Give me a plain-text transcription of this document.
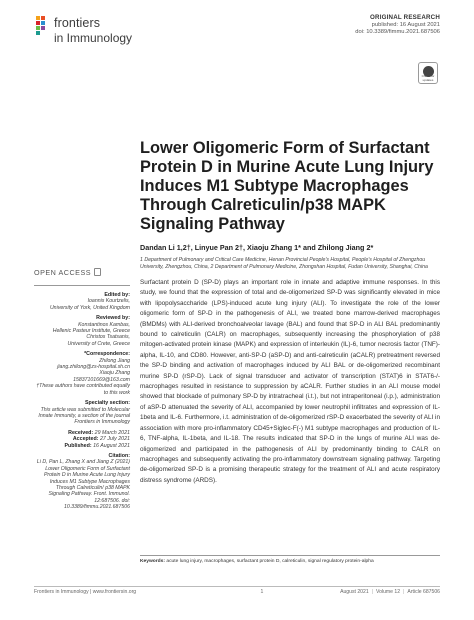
frontiers
in Immunology
ORIGINAL RESEARCH
published: 16 August 2021
doi: 10.3389/fimmu.2021.687506
Check for updates
Lower Oligomeric Form of Surfactant Protein D in Murine Acute Lung Injury Induces M1 Subtype Macrophages Through Calreticulin/p38 MAPK Signaling Pathway
Dandan Li 1,2†, Linyue Pan 2†, Xiaoju Zhang 1* and Zhilong Jiang 2*
1 Department of Pulmonary and Critical Care Medicine, Henan Provincial People's Hospital, People's Hospital of Zhengzhou University, Zhengzhou, China, 2 Department of Pulmonary Medicine, Zhongshan Hospital, Fudan University, Shanghai, China
OPEN ACCESS
Edited by:
Ioannis Kourtzelis,
University of York, United Kingdom
Reviewed by:
Konstantinos Kambas,
Hellenic Pasteur Institute, Greece
Christos Tsatsanis,
University of Crete, Greece
*Correspondence:
Zhilong Jiang
jiang.zhilong@zs-hospital.sh.cn
Xiaoju Zhang
15837101669@163.com
†These authors have contributed equally to this work
Specialty section:
This article was submitted to Molecular Innate Immunity, a section of the journal Frontiers in Immunology
Received: 29 March 2021
Accepted: 27 July 2021
Published: 16 August 2021
Citation:
Li D, Pan L, Zhang X and Jiang Z (2021) Lower Oligomeric Form of Surfactant Protein D in Murine Acute Lung Injury Induces M1 Subtype Macrophages Through Calreticulin/ p38 MAPK Signaling Pathway. Front. Immunol. 12:687506. doi: 10.3389/fimmu.2021.687506
Surfactant protein D (SP-D) plays an important role in innate and adaptive immune responses. In this study, we found that the expression of total and de-oligomerized SP-D was significantly elevated in mice with lipopolysaccharide (LPS)-induced acute lung injury (ALI). To investigate the role of the lower oligomeric form of SP-D in the pathogenesis of ALI, we treated bone marrow-derived macrophages (BMDMs) with ALI-derived bronchoalveolar lavage (BAL) and found that SP-D in ALI BAL predominantly bound to calreticulin (CALR) on macrophages, subsequently increasing the phosphorylation of p38 mitogen-activated protein kinase (MAPK) and expression of interleukin (IL)-6, tumor necrosis factor (TNF)-alpha, IL-10, and CD80. However, anti-SP-D (aSP-D) and anti-calreticulin (aCALR) pretreatment reversed the SP-D binding and activation of macrophages induced by ALI BAL or de-oligomerized recombinant murine SP-D (rSP-D). Lack of signal transducer and activator of transcription (STAT)6 in STAT6-/- macrophages resulted in resistance to suppression by aCALR. Further studies in an ALI mouse model showed that blockade of pulmonary SP-D by intratracheal (i.t.), but not intraperitoneal (i.p.), administration of aSP-D attenuated the severity of ALI, accompanied by lower neutrophil infiltrates and expression of IL-1beta and IL-6. Furthermore, i.t. administration of de-oligomerized rSP-D exacerbated the severity of ALI in association with more pro-inflammatory CD45+Siglec-F(-) M1 subtype macrophages and production of IL-6, TNF-alpha, IL-1beta, and IL-18. The results indicated that SP-D in the lungs of murine ALI was de-oligomerized and participated in the pathogenesis of ALI by predominantly binding to CALR on macrophages and subsequently activating the pro-inflammatory downstream signaling pathway. Targeting de-oligomerized SP-D is a promising therapeutic strategy for the treatment of ALI and acute respiratory distress syndrome (ARDS).
Keywords: acute lung injury, macrophages, surfactant protein D, calreticulin, signal regulatory protein-alpha
Frontiers in Immunology | www.frontiersin.org	1	August 2021 | Volume 12 | Article 687506
